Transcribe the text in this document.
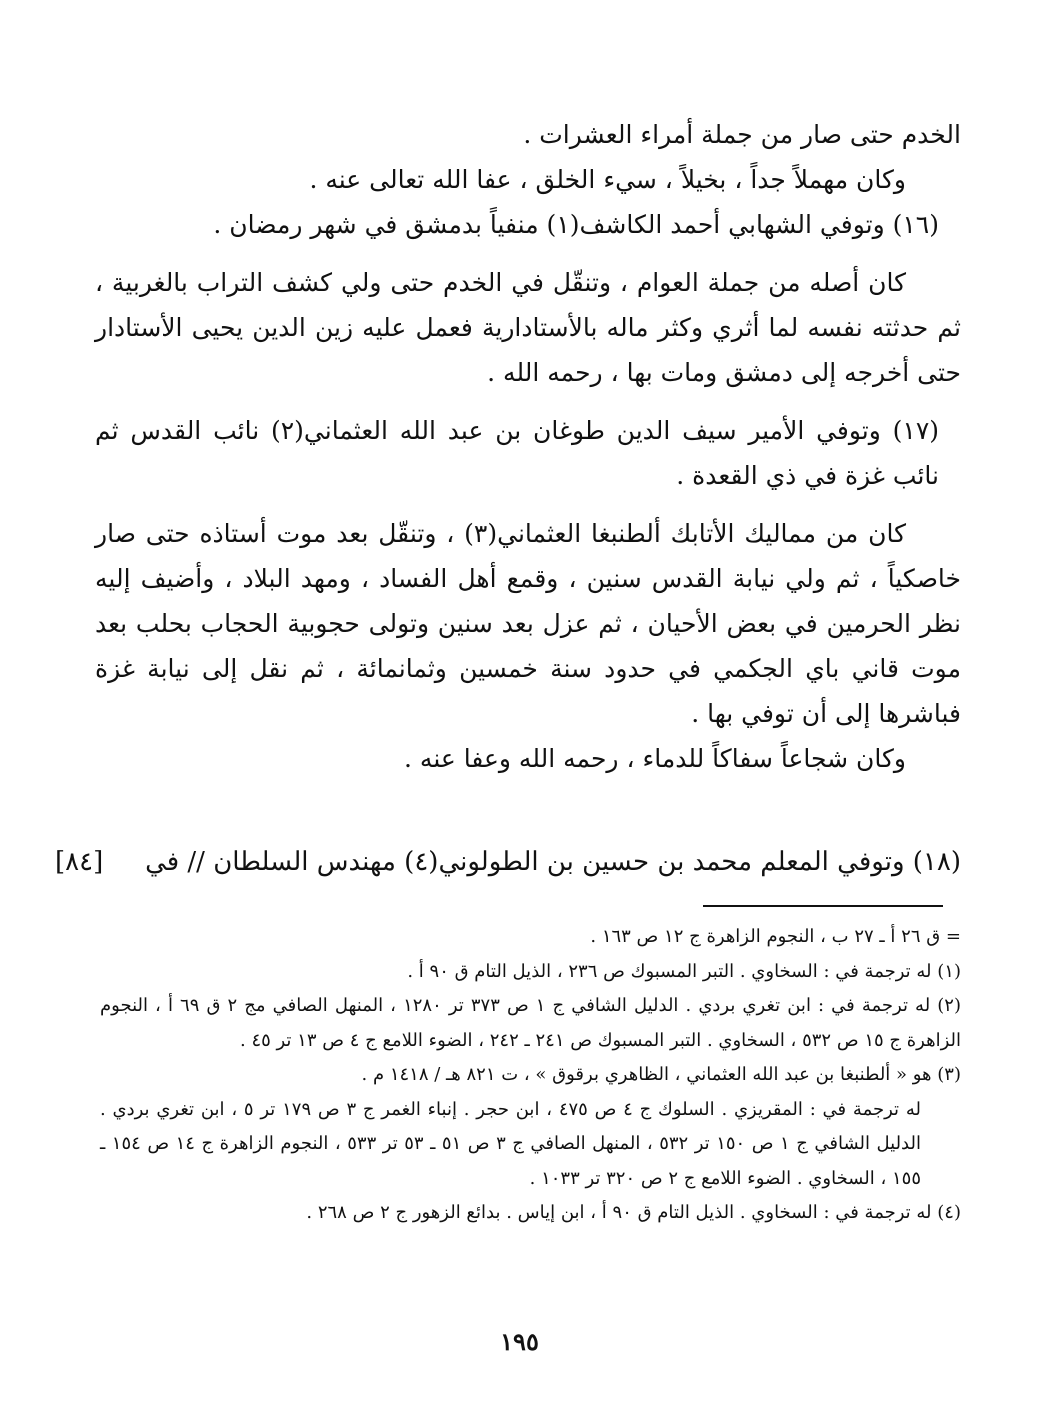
الخدم حتى صار من جملة أمراء العشرات .

وكان مهملاً جداً ، بخيلاً ، سيء الخلق ، عفا الله تعالى عنه .

(١٦) وتوفي الشهابي أحمد الكاشف(١) منفياً بدمشق في شهر رمضان .

كان أصله من جملة العوام ، وتنقّل في الخدم حتى ولي كشف التراب بالغربية ، ثم حدثته نفسه لما أثري وكثر ماله بالأستادارية فعمل عليه زين الدين يحيى الأستادار حتى أخرجه إلى دمشق ومات بها ، رحمه الله .

(١٧) وتوفي الأمير سيف الدين طوغان بن عبد الله العثماني(٢) نائب القدس ثم نائب غزة في ذي القعدة .

كان من مماليك الأتابك ألطنبغا العثماني(٣) ، وتنقّل بعد موت أستاذه حتى صار خاصكياً ، ثم ولي نيابة القدس سنين ، وقمع أهل الفساد ، ومهد البلاد ، وأضيف إليه نظر الحرمين في بعض الأحيان ، ثم عزل بعد سنين وتولى حجوبية الحجاب بحلب بعد موت قاني باي الجكمي في حدود سنة خمسين وثمانمائة ، ثم نقل إلى نيابة غزة فباشرها إلى أن توفي بها .

وكان شجاعاً سفاكاً للدماء ، رحمه الله وعفا عنه .

(١٨) وتوفي المعلم محمد بن حسين بن الطولوني(٤) مهندس السلطان // في
[٨٤]

= ق ٢٦ أ ـ ٢٧ ب ، النجوم الزاهرة ج ١٢ ص ١٦٣ .

(١) له ترجمة في : السخاوي . التبر المسبوك ص ٢٣٦ ، الذيل التام ق ٩٠ أ .

(٢) له ترجمة في : ابن تغري بردي . الدليل الشافي ج ١ ص ٣٧٣ تر ١٢٨٠ ، المنهل الصافي مج ٢ ق ٦٩ أ ، النجوم الزاهرة ج ١٥ ص ٥٣٢ ، السخاوي . التبر المسبوك ص ٢٤١ ـ ٢٤٢ ، الضوء اللامع ج ٤ ص ١٣ تر ٤٥ .

(٣) هو « ألطنبغا بن عبد الله العثماني ، الظاهري برقوق » ، ت ٨٢١ هـ / ١٤١٨ م .

له ترجمة في : المقريزي . السلوك ج ٤ ص ٤٧٥ ، ابن حجر . إنباء الغمر ج ٣ ص ١٧٩ تر ٥ ، ابن تغري بردي . الدليل الشافي ج ١ ص ١٥٠ تر ٥٣٢ ، المنهل الصافي ج ٣ ص ٥١ ـ ٥٣ تر ٥٣٣ ، النجوم الزاهرة ج ١٤ ص ١٥٤ ـ ١٥٥ ، السخاوي . الضوء اللامع ج ٢ ص ٣٢٠ تر ١٠٣٣ .

(٤) له ترجمة في : السخاوي . الذيل التام ق ٩٠ أ ، ابن إياس . بدائع الزهور ج ٢ ص ٢٦٨ .

١٩٥
